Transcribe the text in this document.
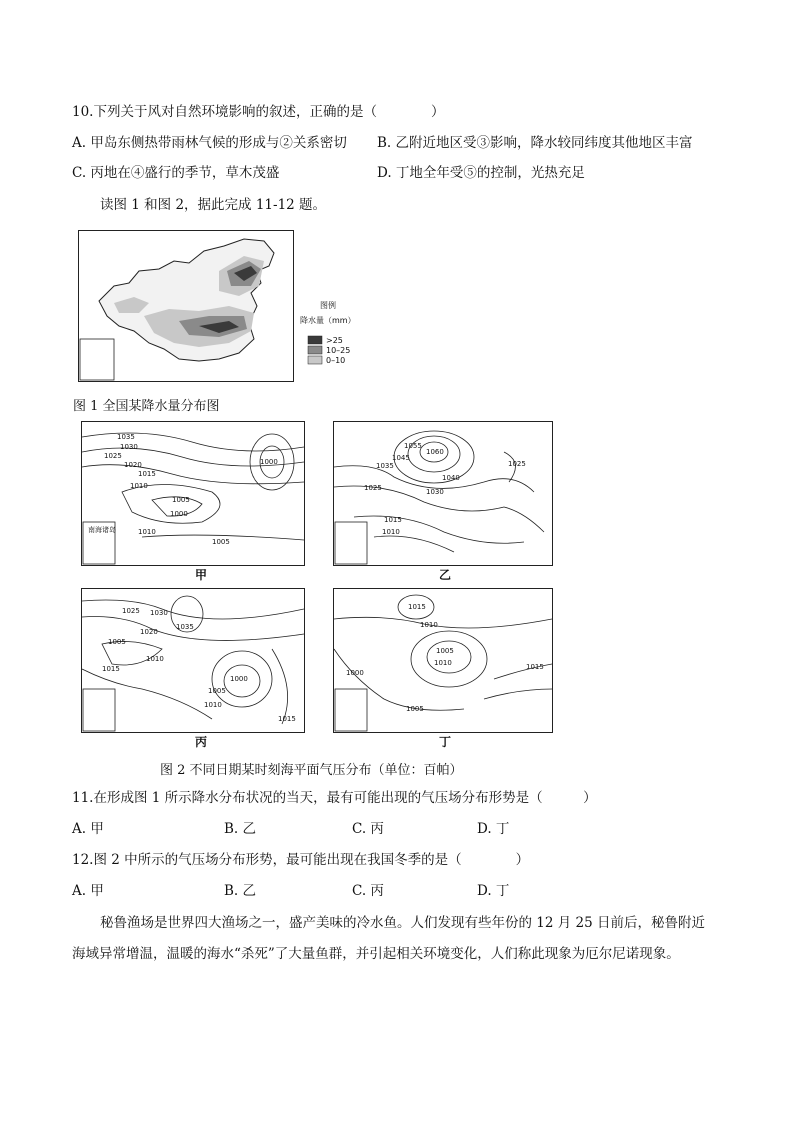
10.下列关于风对自然环境影响的叙述，正确的是（　　　　）
A. 甲岛东侧热带雨林气候的形成与②关系密切 B. 乙附近地区受③影响，降水较同纬度其他地区丰富
C. 丙地在④盛行的季节，草木茂盛	D. 丁地全年受⑤的控制，光热充足
读图 1 和图 2，据此完成 11-12 题。
图例
降水量（mm）
>25
10–25
0–10
图 1 全国某降水量分布图
1035
1030
1025
1020
1015
1010
1005
1000
1000
1010
1005
南海诸岛
甲
1060
1055
1045
1040
1035
1030
1025
1025
1015
1010
乙
1025 1030
1035
1020
1005
1010
1015
1000
1005
1010
1015
丙
1015
1010
1005
1000
1010	1015
1005
丁
图 2 不同日期某时刻海平面气压分布（单位：百帕）
11.在形成图 1 所示降水分布状况的当天，最有可能出现的气压场分布形势是（　　　）
A. 甲	B. 乙	C. 丙	D. 丁
12.图 2 中所示的气压场分布形势，最可能出现在我国冬季的是（　　　　）
A. 甲	B. 乙	C. 丙	D. 丁
秘鲁渔场是世界四大渔场之一，盛产美味的冷水鱼。人们发现有些年份的 12 月 25 日前后，秘鲁附近
海域异常增温，温暖的海水“杀死”了大量鱼群，并引起相关环境变化，人们称此现象为厄尔尼诺现象。
